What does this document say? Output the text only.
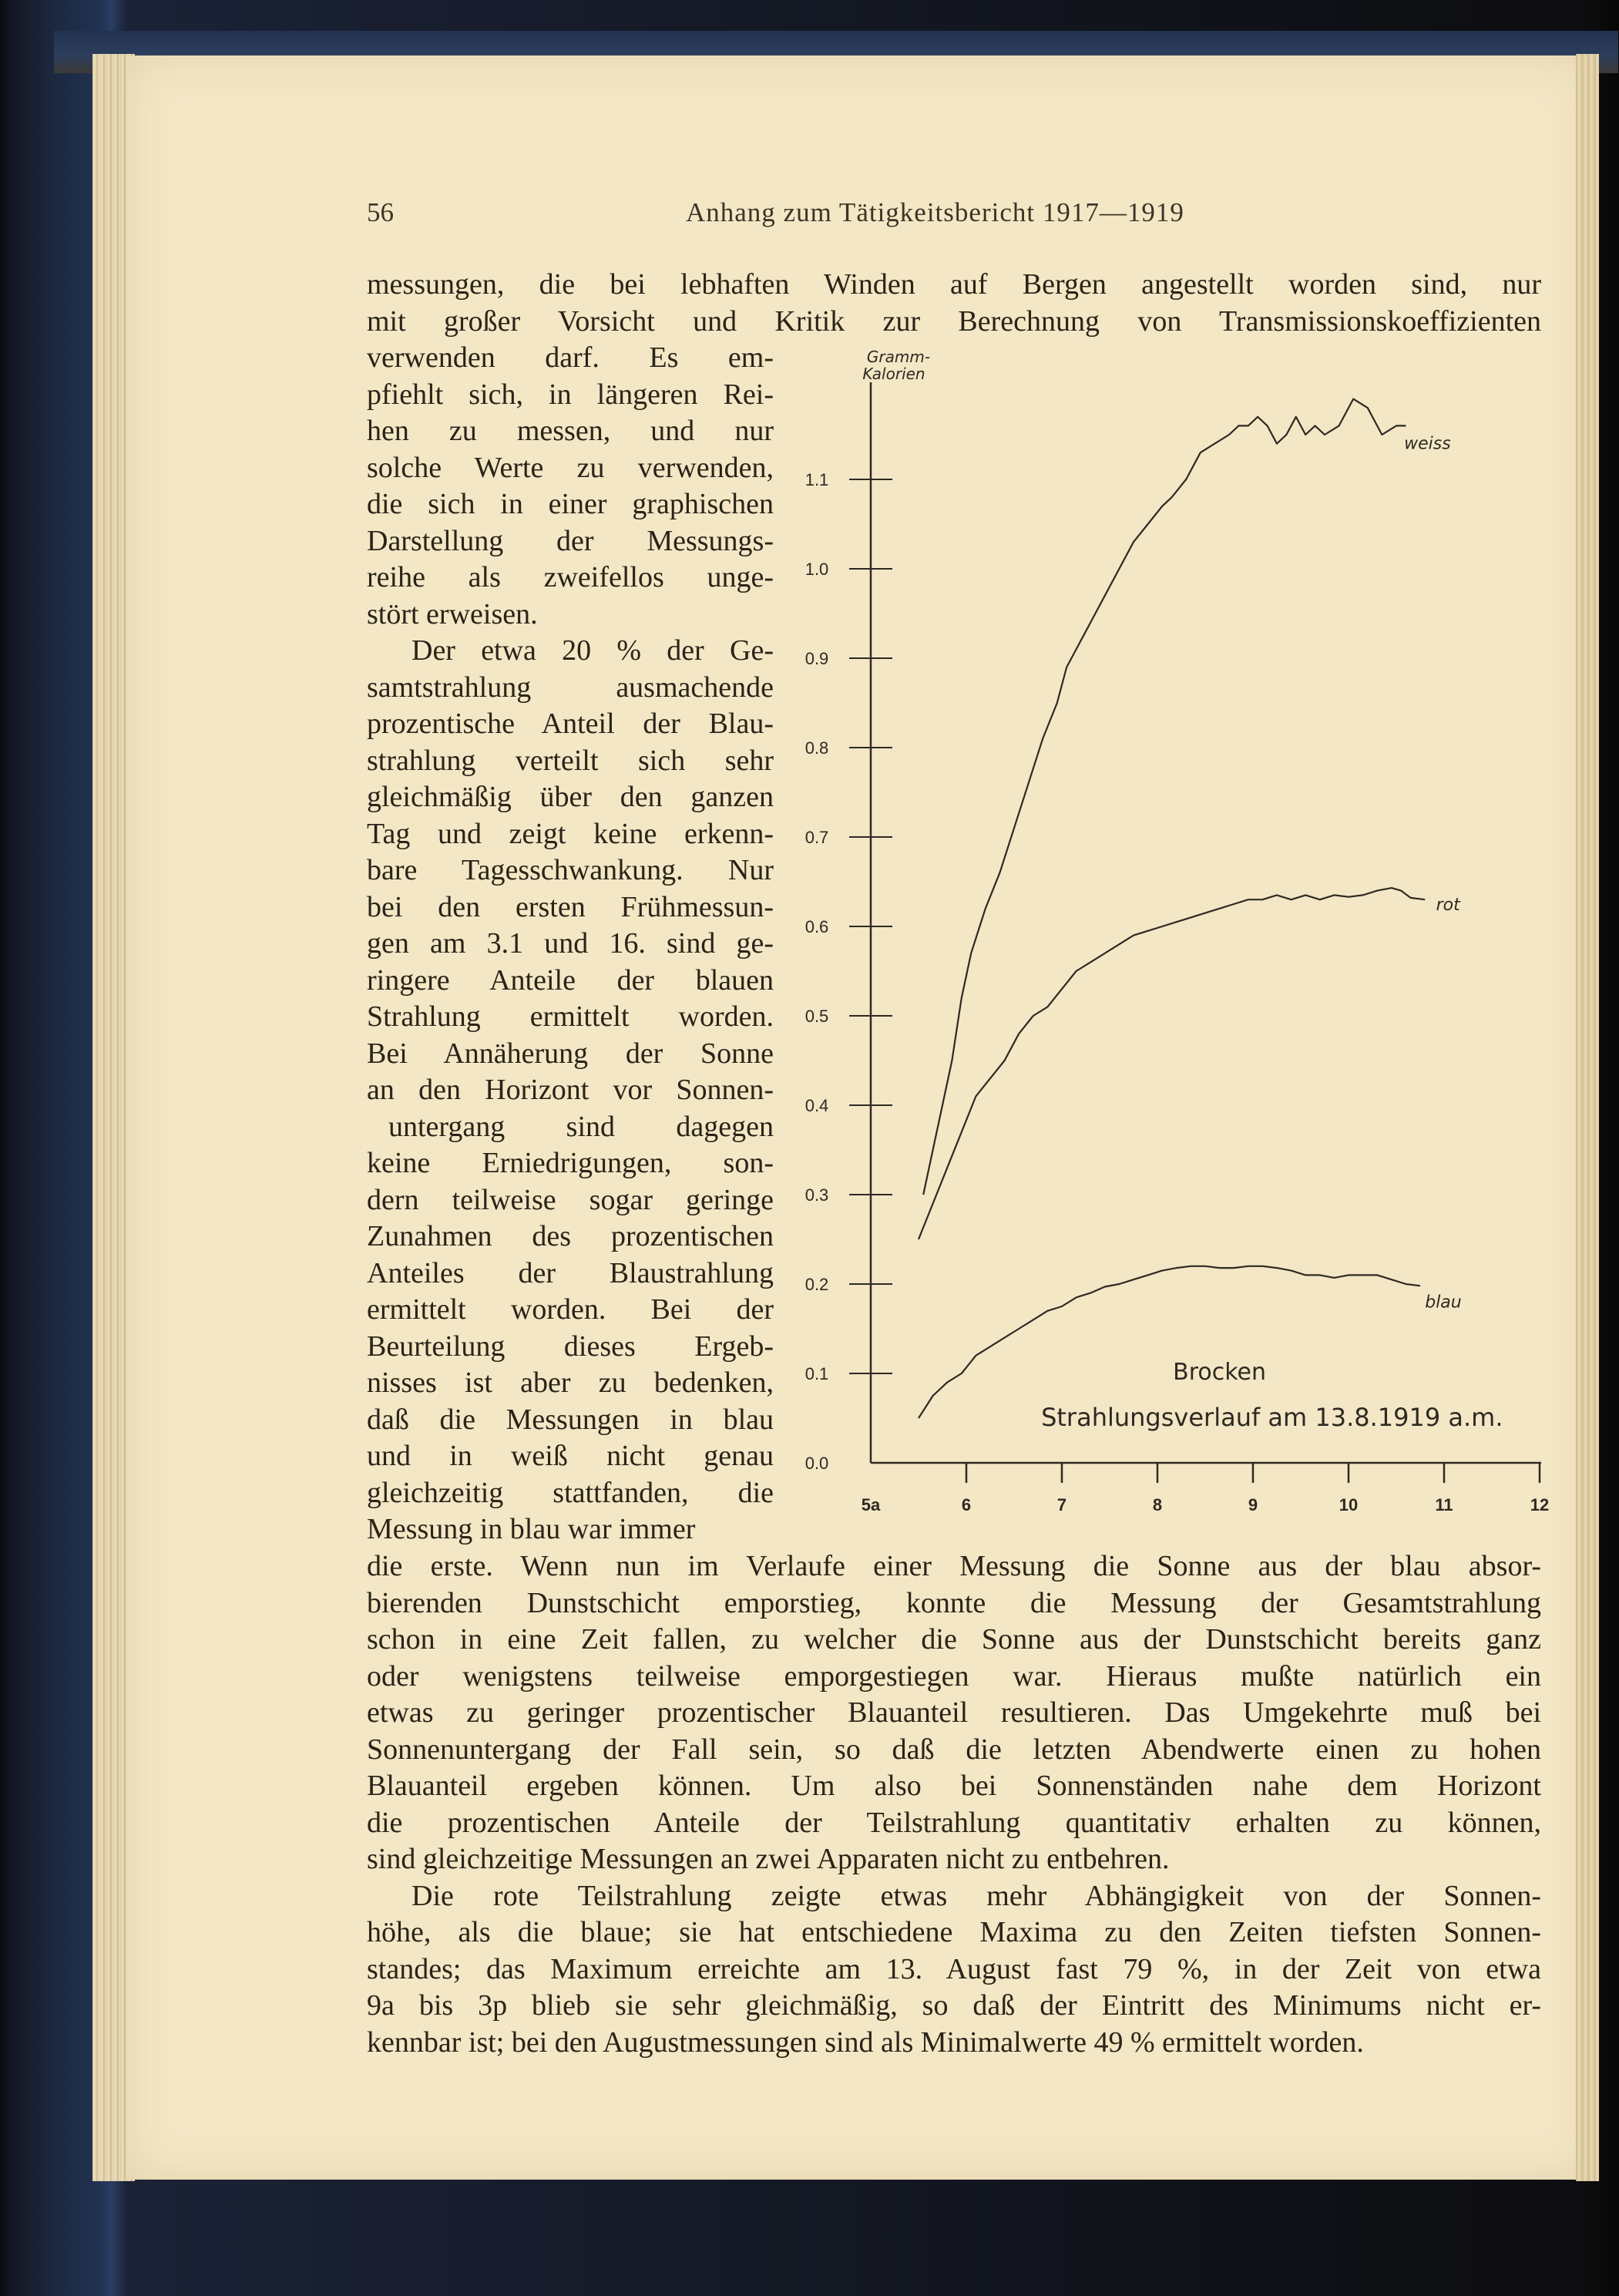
56	Anhang zum Tätigkeitsbericht 1917—1919

messungen, die bei lebhaften Winden auf Bergen angestellt worden sind, nur

mit großer Vorsicht und Kritik zur Berechnung von Transmissionskoeffizienten

verwenden darf. Es em-

pfiehlt sich, in längeren Rei-

hen zu messen, und nur

solche Werte zu verwenden,

die sich in einer graphischen

Darstellung der Messungs-

reihe als zweifellos unge-

stört erweisen.

Der etwa 20 % der Ge-

samtstrahlung ausmachende

prozentische Anteil der Blau-

strahlung verteilt sich sehr

gleichmäßig über den ganzen

Tag und zeigt keine erkenn-

bare Tagesschwankung. Nur

bei den ersten Frühmessun-

gen am 3.1 und 16. sind ge-

ringere Anteile der blauen

Strahlung ermittelt worden.

Bei Annäherung der Sonne

an den Horizont vor Sonnen-

untergang sind dagegen

keine Erniedrigungen, son-

dern teilweise sogar geringe

Zunahmen des prozentischen

Anteiles der Blaustrahlung

ermittelt worden. Bei der

Beurteilung dieses Ergeb-

nisses ist aber zu bedenken,

daß die Messungen in blau

und in weiß nicht genau

gleichzeitig stattfanden, die

Messung in blau war immer

die erste. Wenn nun im Verlaufe einer Messung die Sonne aus der blau absor-

bierenden Dunstschicht emporstieg, konnte die Messung der Gesamtstrahlung

schon in eine Zeit fallen, zu welcher die Sonne aus der Dunstschicht bereits ganz

oder wenigstens teilweise emporgestiegen war. Hieraus mußte natürlich ein

etwas zu geringer prozentischer Blauanteil resultieren. Das Umgekehrte muß bei

Sonnenuntergang der Fall sein, so daß die letzten Abendwerte einen zu hohen

Blauanteil ergeben können. Um also bei Sonnenständen nahe dem Horizont

die prozentischen Anteile der Teilstrahlung quantitativ erhalten zu können,

sind gleichzeitige Messungen an zwei Apparaten nicht zu entbehren.

Die rote Teilstrahlung zeigte etwas mehr Abhängigkeit von der Sonnen-

höhe, als die blaue; sie hat entschiedene Maxima zu den Zeiten tiefsten Sonnen-

standes; das Maximum erreichte am 13. August fast 79 %, in der Zeit von etwa

9a bis 3p blieb sie sehr gleichmäßig, so daß der Eintritt des Minimums nicht er-

kennbar ist; bei den Augustmessungen sind als Minimalwerte 49 % ermittelt worden.

0.0
0.1
0.2
0.3
0.4
0.5
0.6
0.7
0.8
0.9
1.0
1.1
5a	6	7	8	9	10	11	12
weiss
rot
blau
Gramm-Kalorien
Brocken
Strahlungsverlauf am 13.8.1919 a.m.
